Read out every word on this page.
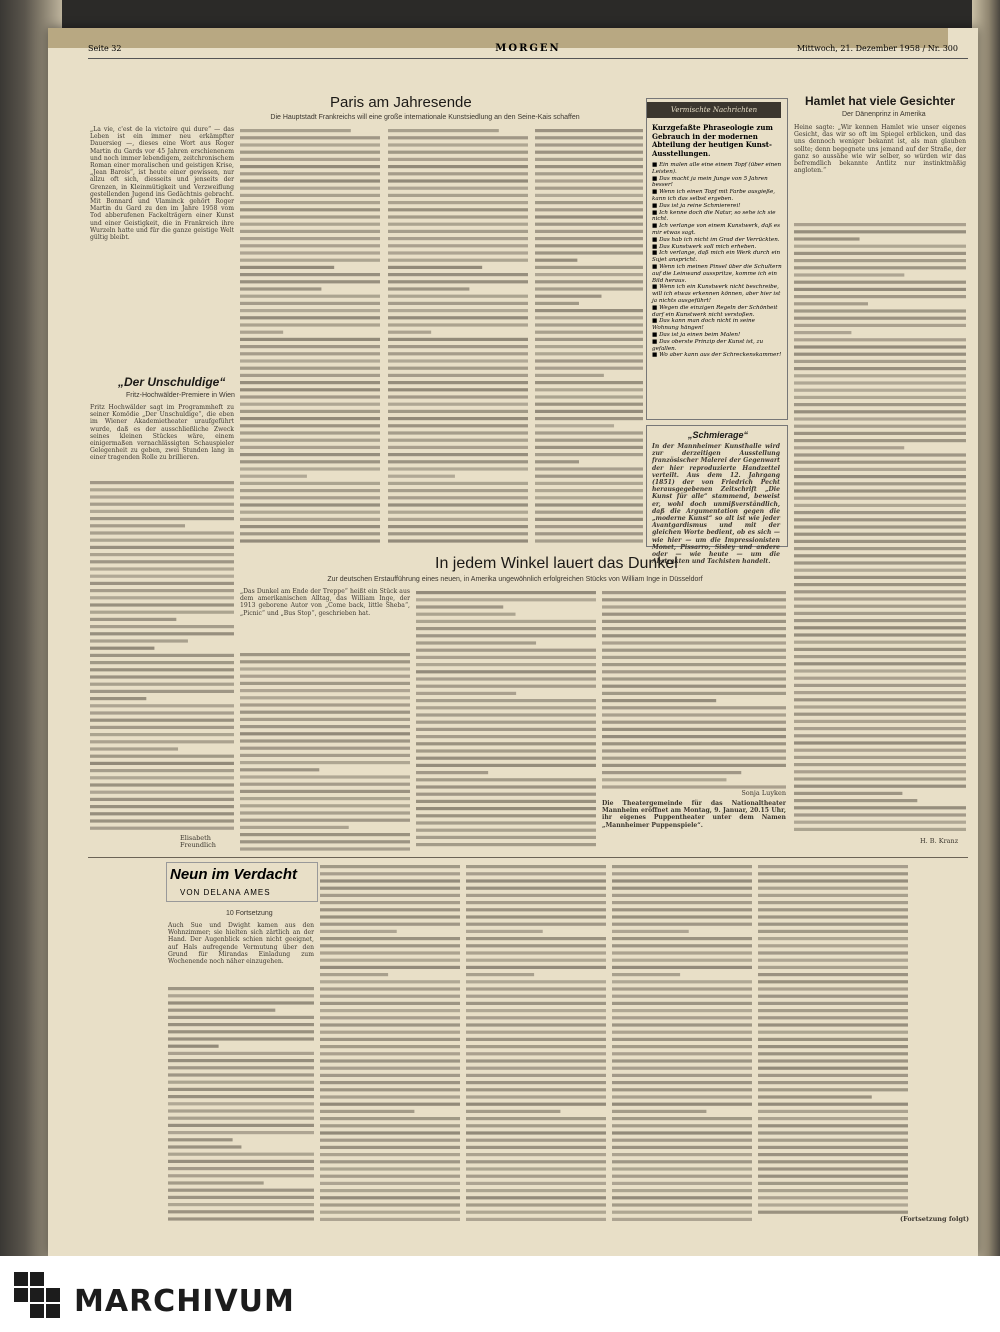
Seite 32	MORGEN	Mittwoch, 21. Dezember 1958 / Nr. 300
Paris am Jahresende
Die Hauptstadt Frankreichs will eine große internationale Kunstsiedlung an den Seine-Kais schaffen
„La vie, c'est de la victoire qui dure“ — das Leben ist ein immer neu erkämpfter Dauersieg —, dieses eine Wort aus Roger Martin du Gards vor 45 Jahren erschienenem und noch immer lebendigem, zeitchronischem Roman einer moralischen und geistigen Krise, „Jean Barois“, ist heute einer gewissen, nur allzu oft sich, diesseits und jenseits der Grenzen, in Kleinmütigkeit und Verzweiflung gestellenden Jugend ins Gedächtnis gebracht. Mit Bonnard und Vlaminck gehört Roger Martin du Gard zu den im Jahre 1958 vom Tod abberufenen Fackelträgern einer Kunst und einer Geistigkeit, die in Frankreich ihre Wurzeln hatte und für die ganze geistige Welt gültig bleibt.
„Der Unschuldige“
Fritz-Hochwälder-Premiere in Wien
Fritz Hochwälder sagt im Programmheft zu seiner Komödie „Der Unschuldige“, die eben im Wiener Akademietheater uraufgeführt wurde, daß es der ausschließliche Zweck seines kleinen Stückes wäre, einem einigermaßen vernachlässigten Schauspieler Gelegenheit zu geben, zwei Stunden lang in einer tragenden Rolle zu brillieren.
Elisabeth Freundlich
Vermischte Nachrichten
Kurzgefaßte Phraseologie zum Gebrauch in der modernen Abteilung der heutigen Kunst-Ausstellungen.
■ Ein malen alle eine einem Topf (über einen Leisten).
■ Das macht ja mein Junge von 5 Jahren besser!
■ Wenn ich einen Topf mit Farbe ausgieße, kann ich das selbst ergeben.
■ Das ist ja reine Schmiererei!
■ Ich kenne doch die Natur, so sehe ich sie nicht.
■ Ich verlange von einem Kunstwerk, daß es mir etwas sagt.
■ Das hab ich nicht im Grad der Verrückten.
■ Das Kunstwerk soll mich erheben.
■ Ich verlange, daß mich ein Werk durch ein Sujet anspricht.
■ Wenn ich meinen Pinsel über die Schultern auf die Leinwand ausspritze, komme ich ein Bild heraus.
■ Wenn ich ein Kunstwerk nicht beschreibe, will ich etwas erkennen können, aber hier ist ja nichts ausgeführt!
■ Wegen die einzigen Regeln der Schönheit darf ein Kunstwerk nicht verstoßen.
■ Das kann man doch nicht in seine Wohnung hängen!
■ Das ist ja einen beim Malen!
■ Das oberste Prinzip der Kunst ist, zu gefallen.
■ Wo aber kann aus der Schreckenskammer!
„Schmierage“
In der Mannheimer Kunsthalle wird zur derzeitigen Ausstellung französischer Malerei der Gegenwart der hier reproduzierte Handzettel verteilt. Aus dem 12. Jahrgang (1851) der von Friedrich Pecht herausgegebenen Zeitschrift „Die Kunst für alle“ stammend, beweist er, wohl doch unmißverständlich, daß die Argumentation gegen die „moderne Kunst“ so alt ist wie jeder Avantgardismus und mit der gleichen Worte bedient, ob es sich — wie hier — um die Impressionisten Monet, Pissarro, Sisley und andere oder — wie heute — um die Abstrakten und Tachisten handelt.
Hamlet hat viele Gesichter
Der Dänenprinz in Amerika
Heine sagte: „Wir kennen Hamlet wie unser eigenes Gesicht, das wir so oft im Spiegel erblicken, und das uns dennoch weniger bekannt ist, als man glauben sollte; denn begegnete uns jemand auf der Straße, der ganz so aussähe wie wir selber, so würden wir das befremdlich bekannte Antlitz nur instinktmäßig angloten.“
H. B. Kranz
In jedem Winkel lauert das Dunkel
Zur deutschen Erstaufführung eines neuen, in Amerika ungewöhnlich erfolgreichen Stücks von William Inge in Düsseldorf
„Das Dunkel am Ende der Treppe“ heißt ein Stück aus dem amerikanischen Alltag, das William Inge, der 1913 geborene Autor von „Come back, little Sheba“, „Picnic“ und „Bus Stop“, geschrieben hat.
Sonja Luyken
Die Theatergemeinde für das Nationaltheater Mannheim eröffnet am Montag, 9. Januar, 20.15 Uhr, ihr eigenes Puppentheater unter dem Namen „Mannheimer Puppenspiele“.
Neun im Verdacht
VON DELANA AMES
10 Fortsetzung
Auch Sue und Dwight kamen aus den Wohnzimmer; sie hielten sich zärtlich an der Hand. Der Augenblick schien nicht geeignet, auf Hals aufregende Vermutung über den Grund für Mirandas Einladung zum Wochenende noch näher einzugehen.
(Fortsetzung folgt)
MARCHIVUM
